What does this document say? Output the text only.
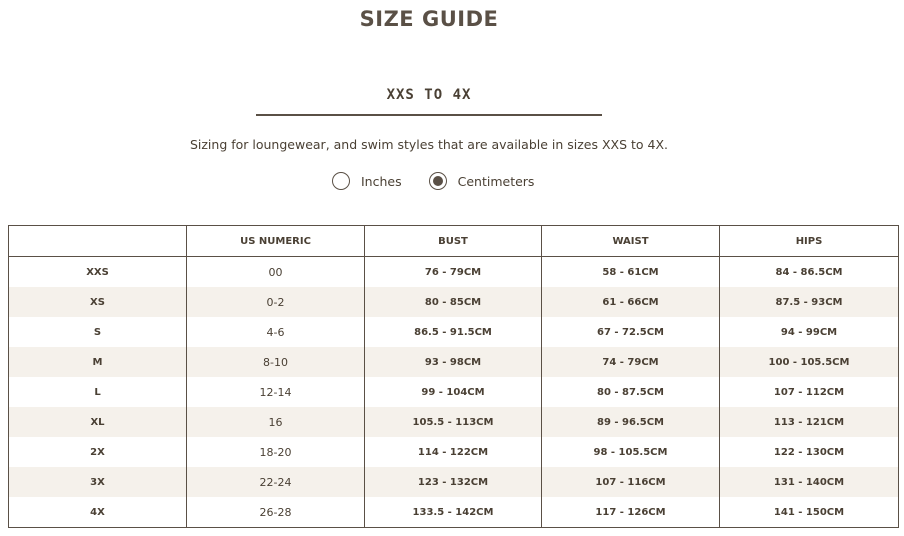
SIZE GUIDE
XXS TO 4X
Sizing for loungewear, and swim styles that are available in sizes XXS to 4X.
Inches	Centimeters
	US NUMERIC	BUST	WAIST	HIPS
XXS	00	76 - 79CM	58 - 61CM	84 - 86.5CM
XS	0-2	80 - 85CM	61 - 66CM	87.5 - 93CM
S	4-6	86.5 - 91.5CM	67 - 72.5CM	94 - 99CM
M	8-10	93 - 98CM	74 - 79CM	100 - 105.5CM
L	12-14	99 - 104CM	80 - 87.5CM	107 - 112CM
XL	16	105.5 - 113CM	89 - 96.5CM	113 - 121CM
2X	18-20	114 - 122CM	98 - 105.5CM	122 - 130CM
3X	22-24	123 - 132CM	107 - 116CM	131 - 140CM
4X	26-28	133.5 - 142CM	117 - 126CM	141 - 150CM
